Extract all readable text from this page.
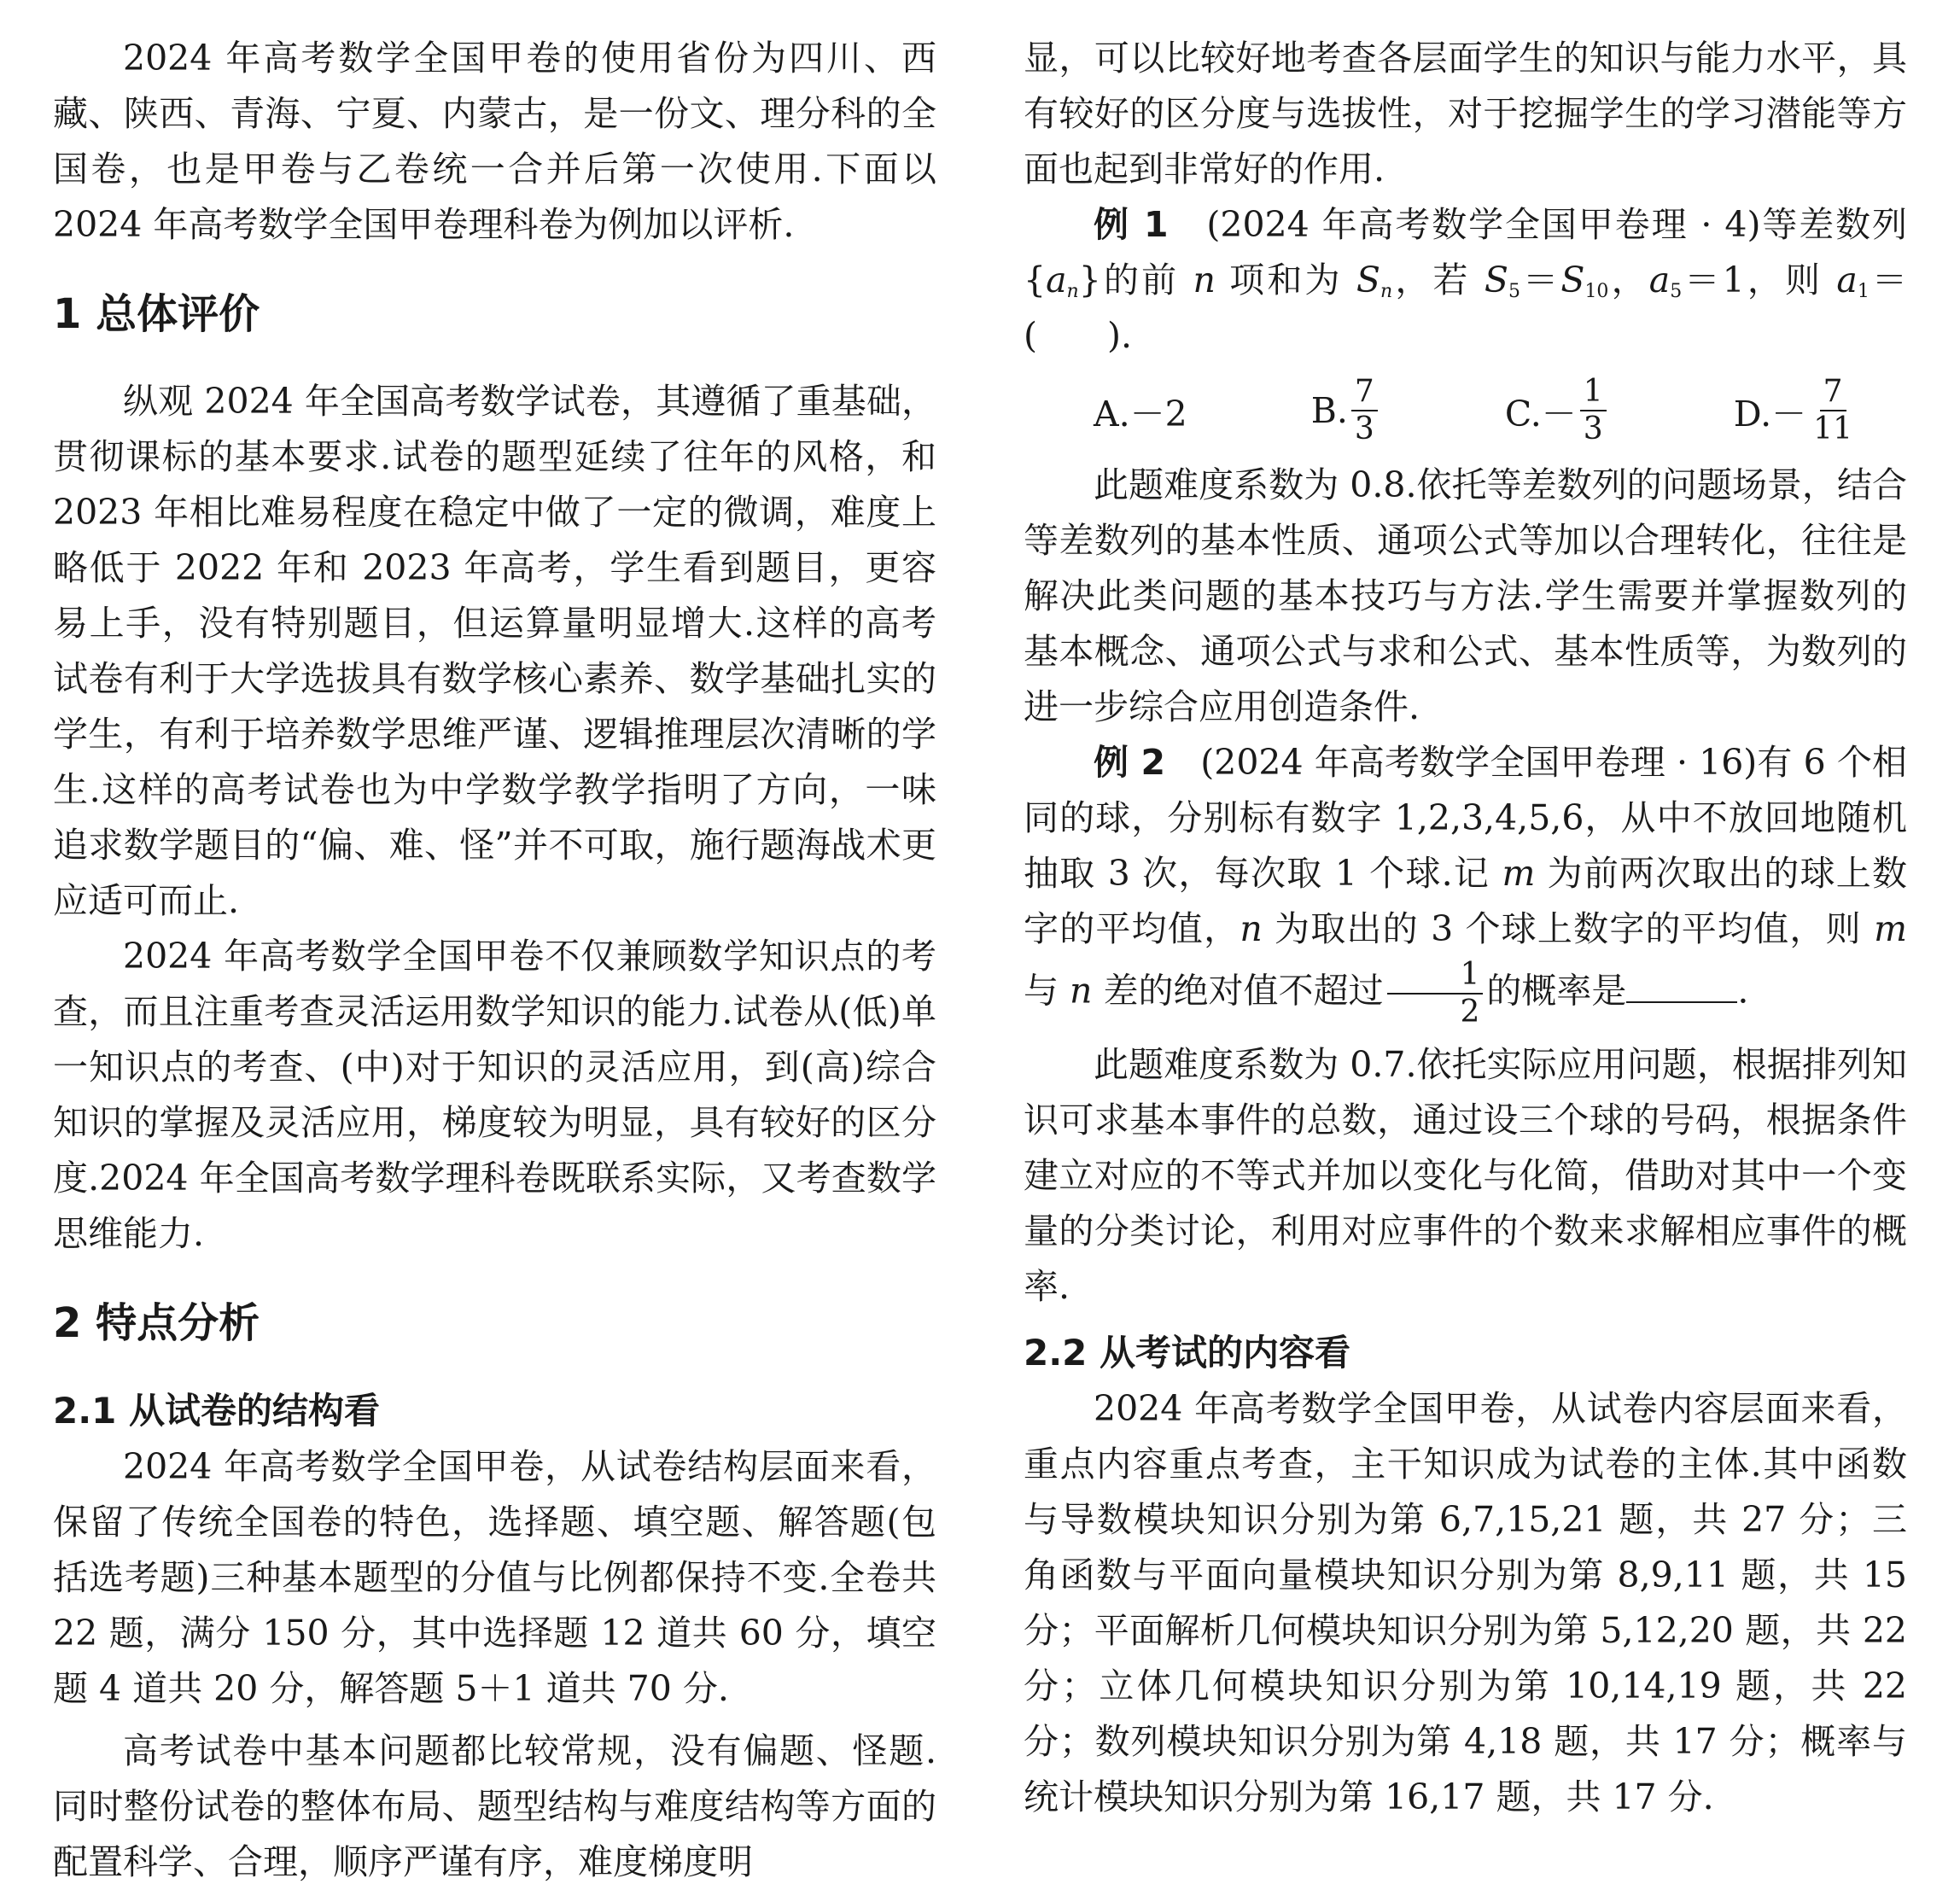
2024 年高考数学全国甲卷的使用省份为四川、西藏、陕西、青海、宁夏、内蒙古，是一份文、理分科的全国卷，也是甲卷与乙卷统一合并后第一次使用.下面以 2024 年高考数学全国甲卷理科卷为例加以评析.

1 总体评价

纵观 2024 年全国高考数学试卷，其遵循了重基础，贯彻课标的基本要求.试卷的题型延续了往年的风格，和 2023 年相比难易程度在稳定中做了一定的微调，难度上略低于 2022 年和 2023 年高考，学生看到题目，更容易上手，没有特别题目，但运算量明显增大.这样的高考试卷有利于大学选拔具有数学核心素养、数学基础扎实的学生，有利于培养数学思维严谨、逻辑推理层次清晰的学生.这样的高考试卷也为中学数学教学指明了方向，一味追求数学题目的“偏、难、怪”并不可取，施行题海战术更应适可而止.

2024 年高考数学全国甲卷不仅兼顾数学知识点的考查，而且注重考查灵活运用数学知识的能力.试卷从(低)单一知识点的考查、(中)对于知识的灵活应用，到(高)综合知识的掌握及灵活应用，梯度较为明显，具有较好的区分度.2024 年全国高考数学理科卷既联系实际，又考查数学思维能力.

2 特点分析
2.1 从试卷的结构看

2024 年高考数学全国甲卷，从试卷结构层面来看，保留了传统全国卷的特色，选择题、填空题、解答题(包括选考题)三种基本题型的分值与比例都保持不变.全卷共 22 题，满分 150 分，其中选择题 12 道共 60 分，填空题 4 道共 20 分，解答题 5＋1 道共 70 分.

高考试卷中基本问题都比较常规，没有偏题、怪题.同时整份试卷的整体布局、题型结构与难度结构等方面的配置科学、合理，顺序严谨有序，难度梯度明

显，可以比较好地考查各层面学生的知识与能力水平，具有较好的区分度与选拔性，对于挖掘学生的学习潜能等方面也起到非常好的作用.

例 1　 (2024 年高考数学全国甲卷理 · 4)等差数列$\{a_n\}$的前 n 项和为 $S_n$，若 $S_5=S_{10}$，$a_5=1$，则 $a_1=$ (　　).

A.－2	B. $\frac{7}{3}$	$C.- \frac{1}{3}$	$D.- \frac{7}{11}$

此题难度系数为 0.8.依托等差数列的问题场景，结合等差数列的基本性质、通项公式等加以合理转化，往往是解决此类问题的基本技巧与方法.学生需要并掌握数列的基本概念、通项公式与求和公式、基本性质等，为数列的进一步综合应用创造条件.

例 2　 (2024 年高考数学全国甲卷理 · 16)有 6 个相同的球，分别标有数字 1,2,3,4,5,6，从中不放回地随机抽取 3 次，每次取 1 个球.记 m 为前两次取出的球上数字的平均值，n 为取出的 3 个球上数字的平均值，则 m 与 n 差的绝对值不超过 $\frac{1}{2}$ 的概率是	.

此题难度系数为 0.7.依托实际应用问题，根据排列知识可求基本事件的总数，通过设三个球的号码，根据条件建立对应的不等式并加以变化与化简，借助对其中一个变量的分类讨论，利用对应事件的个数来求解相应事件的概率.

2.2 从考试的内容看

2024 年高考数学全国甲卷，从试卷内容层面来看，重点内容重点考查，主干知识成为试卷的主体.其中函数与导数模块知识分别为第 6,7,15,21 题，共 27 分；三角函数与平面向量模块知识分别为第 8,9,11 题，共 15 分；平面解析几何模块知识分别为第 5,12,20 题，共 22 分；立体几何模块知识分别为第 10,14,19 题，共 22 分；数列模块知识分别为第 4,18 题，共 17 分；概率与统计模块知识分别为第 16,17 题，共 17 分.
